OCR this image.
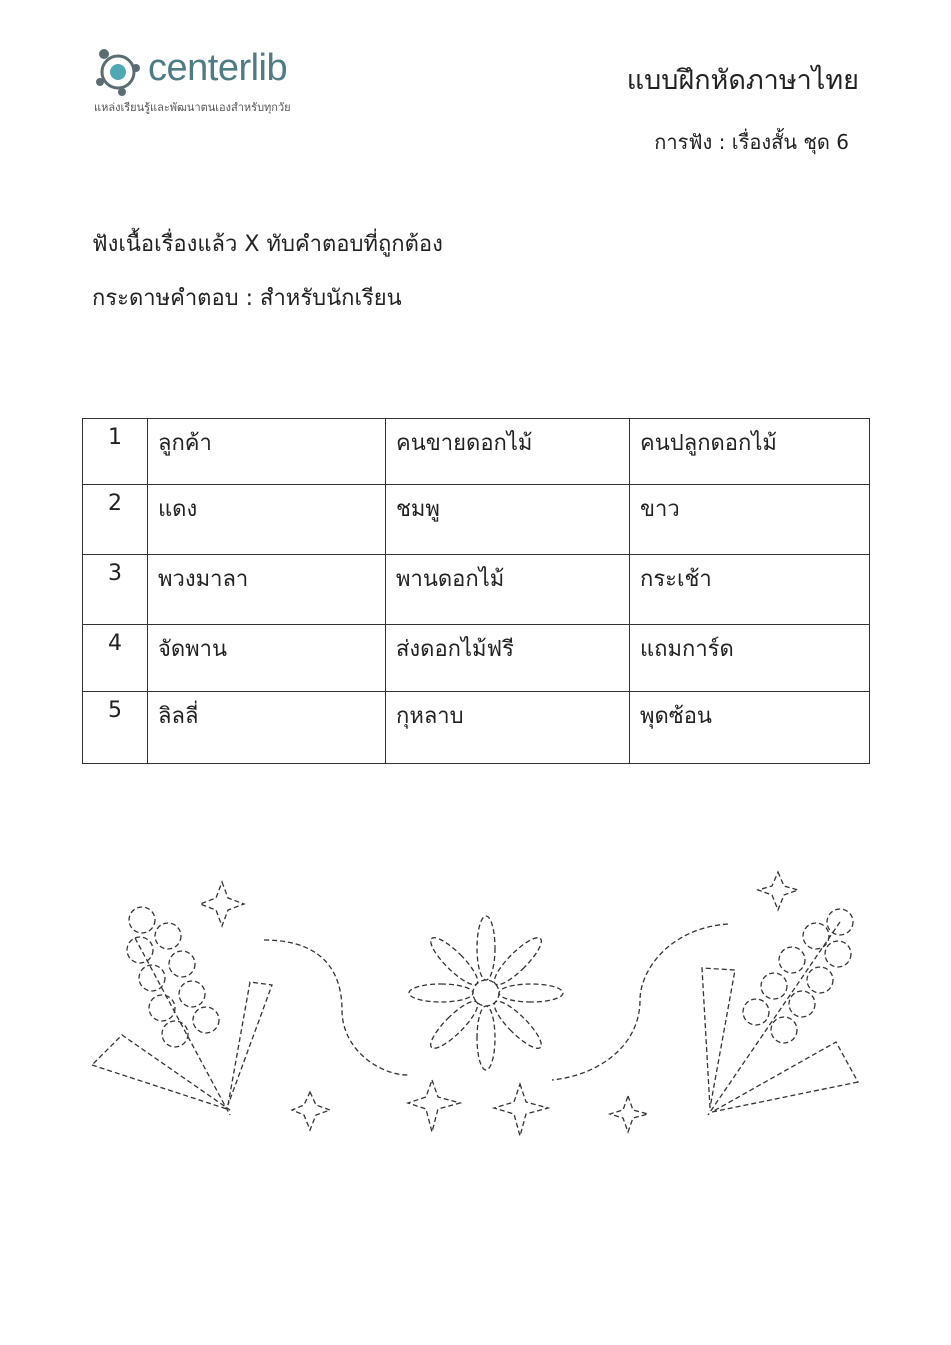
centerlib
แหล่งเรียนรู้และพัฒนาตนเองสำหรับทุกวัย
แบบฝึกหัดภาษาไทย
การฟัง : เรื่องสั้น ชุด 6
ฟังเนื้อเรื่องแล้ว X ทับคำตอบที่ถูกต้อง
กระดาษคำตอบ : สำหรับนักเรียน
1	ลูกค้า	คนขายดอกไม้	คนปลูกดอกไม้
2	แดง	ชมพู	ขาว
3	พวงมาลา	พานดอกไม้	กระเช้า
4	จัดพาน	ส่งดอกไม้ฟรี	แถมการ์ด
5	ลิลลี่	กุหลาบ	พุดซ้อน
